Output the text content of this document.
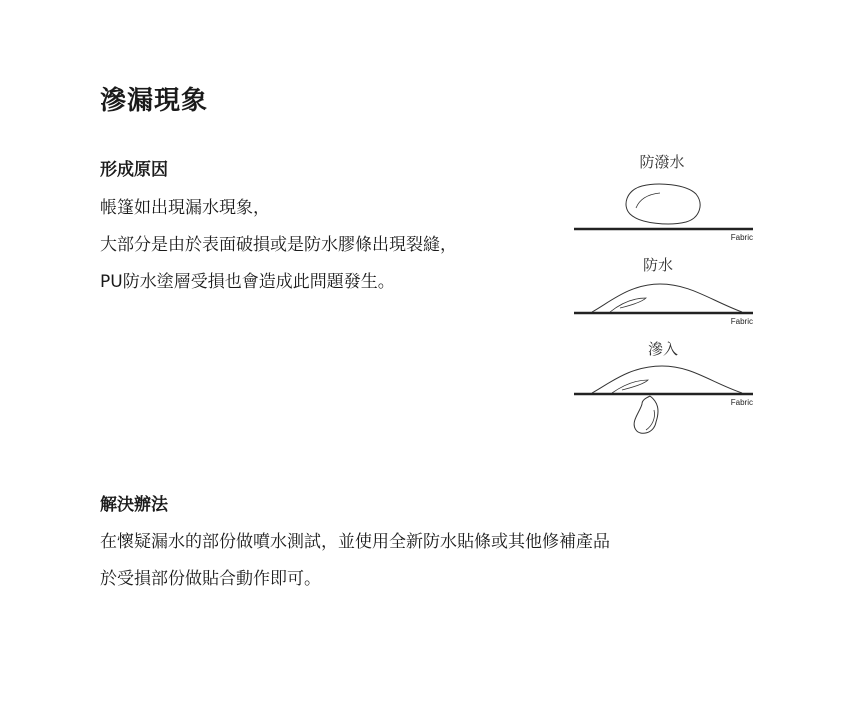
滲漏現象
形成原因
帳篷如出現漏水現象，
大部分是由於表面破損或是防水膠條出現裂縫，
PU防水塗層受損也會造成此問題發生。
防潑水
Fabric
防水
Fabric
滲入
Fabric
解決辦法
在懷疑漏水的部份做噴水測試，並使用全新防水貼條或其他修補產品
於受損部份做貼合動作即可。
